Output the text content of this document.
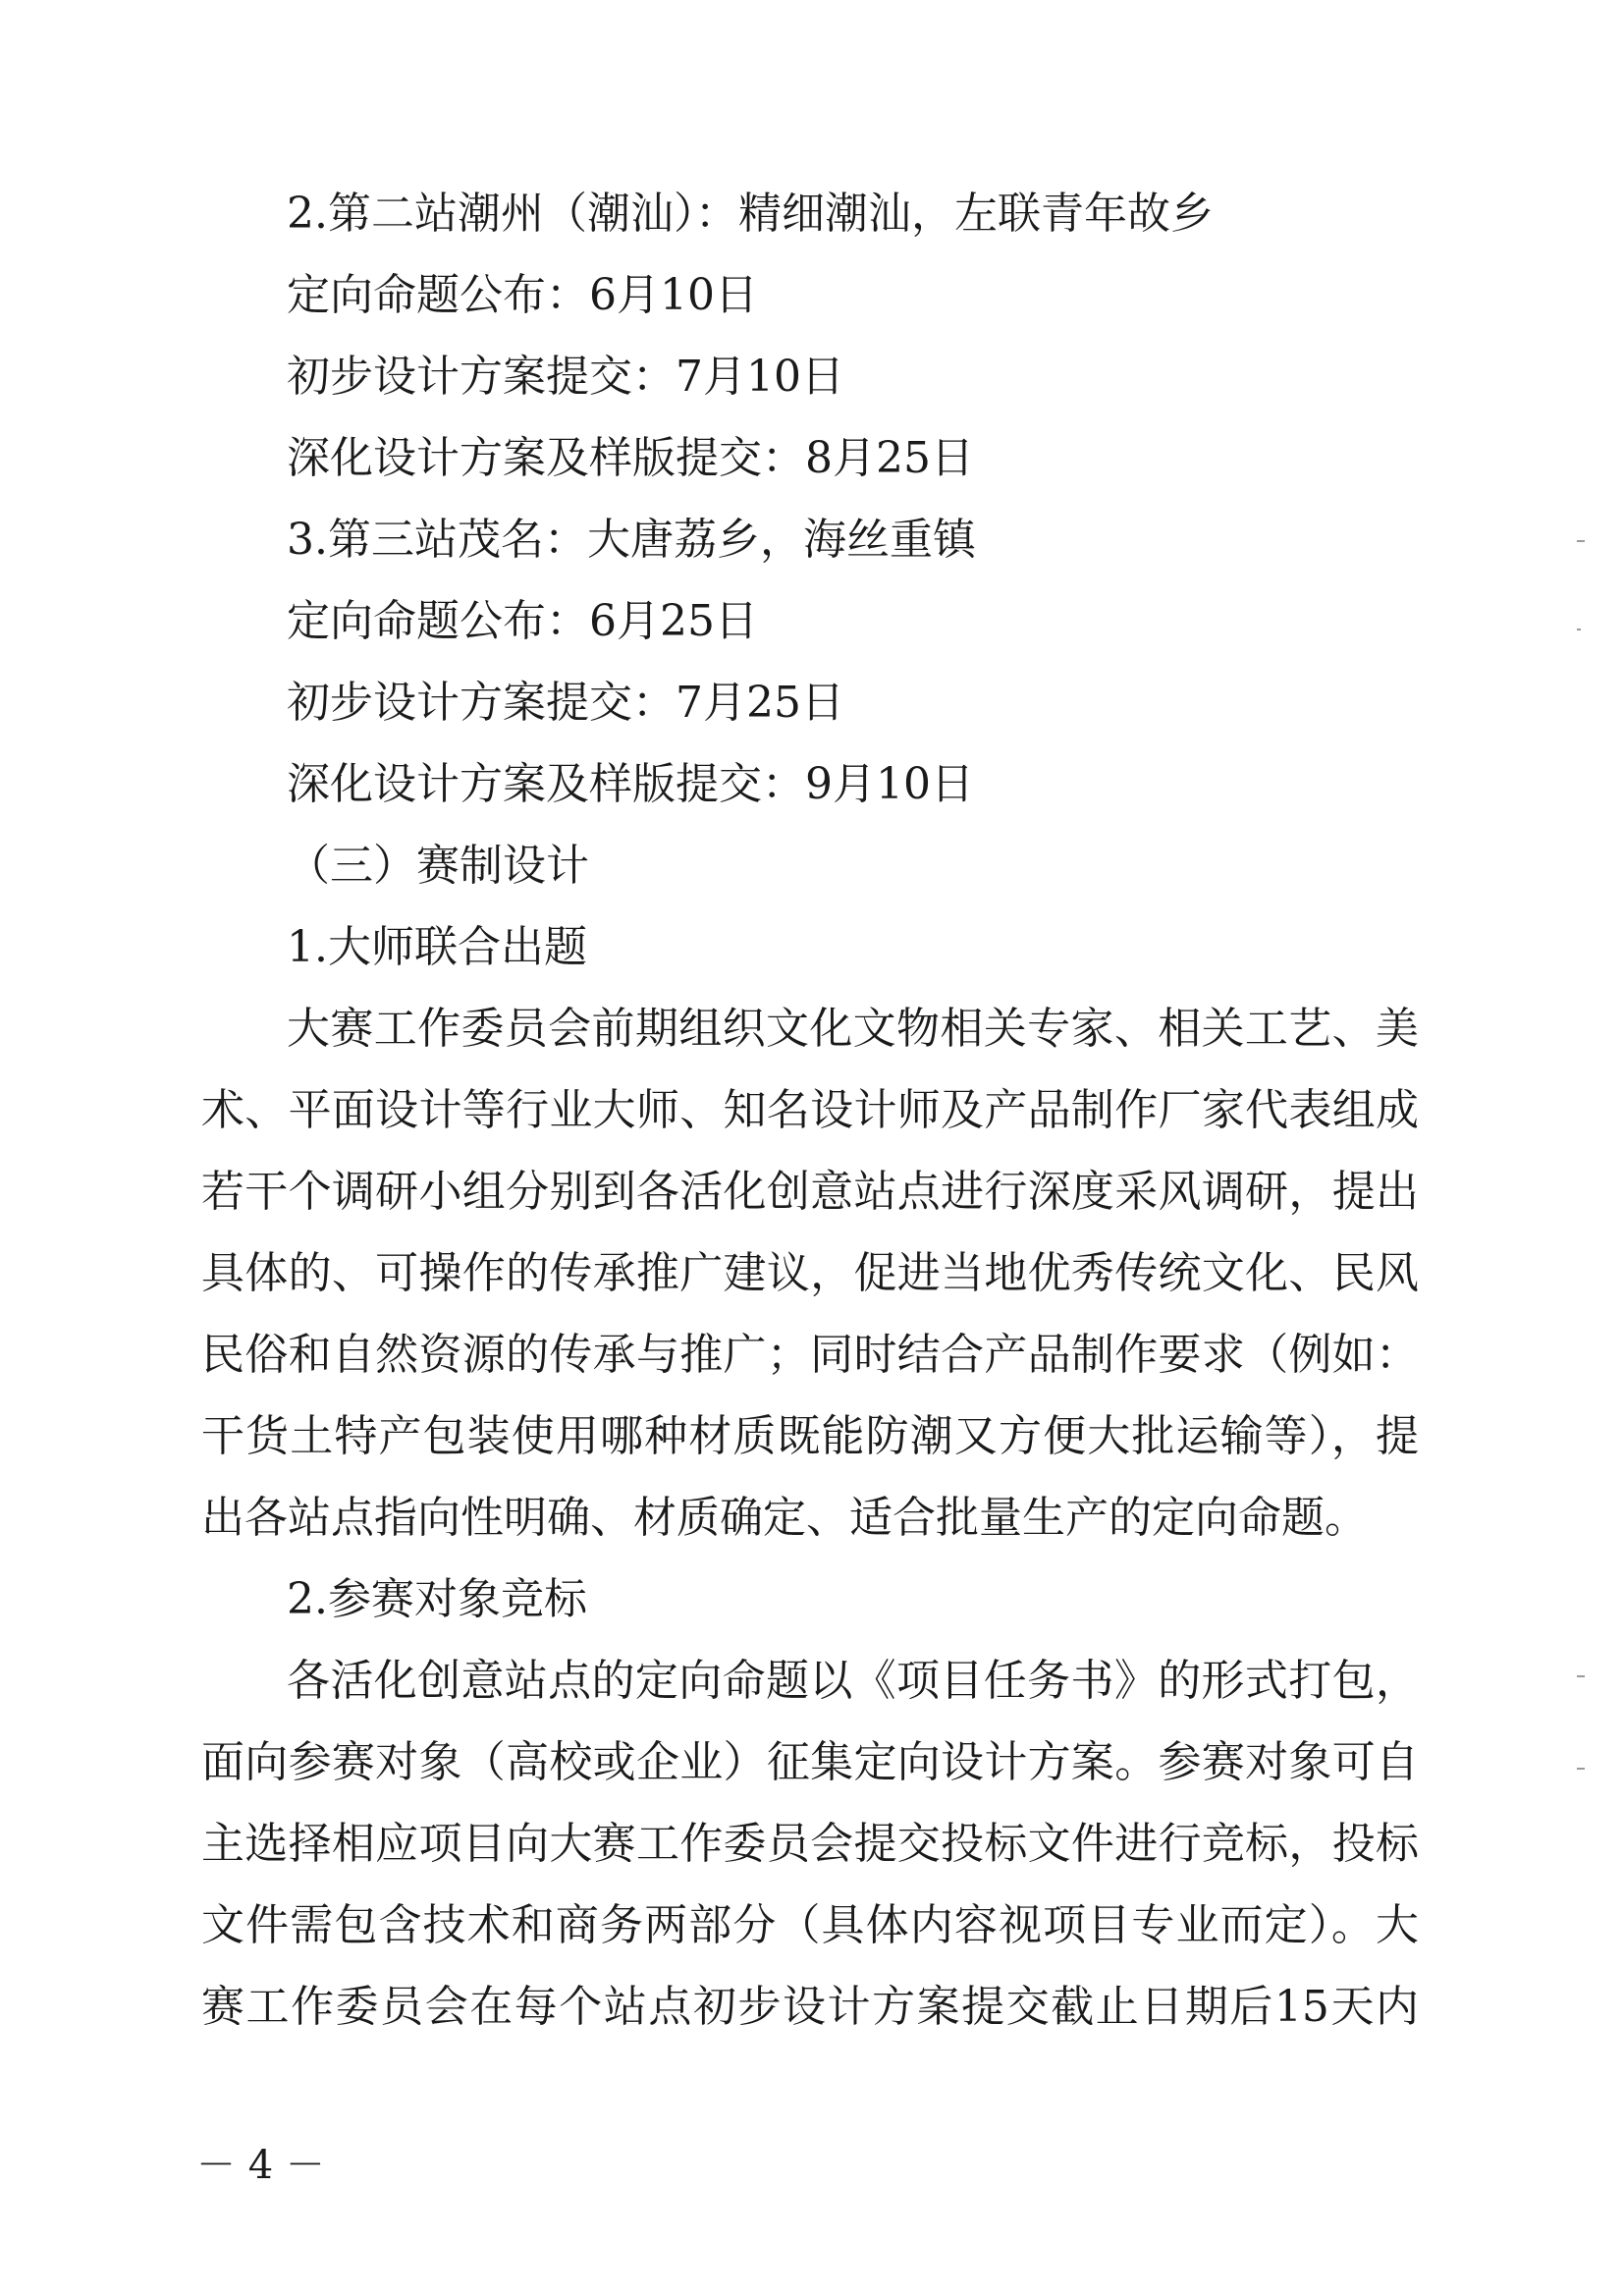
2.第二站潮州（潮汕）：精细潮汕，左联青年故乡
定向命题公布：6月10日
初步设计方案提交：7月10日
深化设计方案及样版提交：8月25日
3.第三站茂名：大唐荔乡，海丝重镇
定向命题公布：6月25日
初步设计方案提交：7月25日
深化设计方案及样版提交：9月10日
（三）赛制设计
1.大师联合出题
大赛工作委员会前期组织文化文物相关专家、相关工艺、美
术、平面设计等行业大师、知名设计师及产品制作厂家代表组成
若干个调研小组分别到各活化创意站点进行深度采风调研，提出
具体的、可操作的传承推广建议，促进当地优秀传统文化、民风
民俗和自然资源的传承与推广；同时结合产品制作要求（例如：
干货土特产包装使用哪种材质既能防潮又方便大批运输等），提
出各站点指向性明确、材质确定、适合批量生产的定向命题。
2.参赛对象竞标
各活化创意站点的定向命题以《项目任务书》的形式打包，
面向参赛对象（高校或企业）征集定向设计方案。参赛对象可自
主选择相应项目向大赛工作委员会提交投标文件进行竞标，投标
文件需包含技术和商务两部分（具体内容视项目专业而定）。大
赛工作委员会在每个站点初步设计方案提交截止日期后15天内
－ 4 －
